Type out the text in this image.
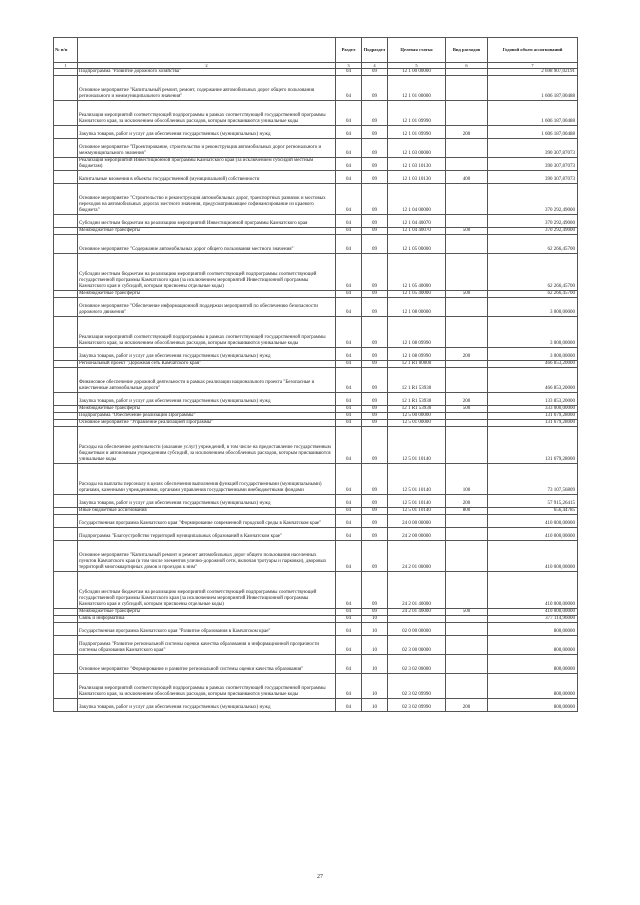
№ п/п		Раздел	Подраздел	Целевая статья	Вид расходов	Годовой объем ассигнований
1	2	3	4	5	6	7
	Подпрограмма "Развитие дорожного хозяйства"	04	09	12 1 00 00000		2 698 907,02191
	Основное мероприятие "Капитальный ремонт, ремонт, содержание автомобильных дорог общего пользования регионального и межмуниципального значения"	04	09	12 1 01 00000		1 606 187,00488
	Реализация мероприятий соответствующей подпрограммы в рамках соответствующей государственной программы Камчатского края, за исключением обособленных расходов, которым присваиваются уникальные коды	04	09	12 1 01 09990		1 606 187,00488
	Закупка товаров, работ и услуг для обеспечения государственных (муниципальных) нужд	04	09	12 1 01 09990	200	1 606 187,00488
	Основное мероприятие "Проектирование, строительство и реконструкция автомобильных дорог регионального и межмуниципального значения"	04	09	12 1 03 00000		390 307,87073
	Реализация мероприятий Инвестиционной программы Камчатского края (за исключением субсидий местным бюджетам)	04	09	12 1 03 10130		390 307,87073
	Капитальные вложения в объекты государственной (муниципальной) собственности	04	09	12 1 03 10130	400	390 307,87073
	Основное мероприятие "Строительство и реконструкция автомобильных дорог, транспортных развязок и мостовых переходов на автомобильных дорогах местного значения, предусматривающее софинансирование из краевого бюджета"	04	09	12 1 04 00000		370 292,49000
	Субсидии местным бюджетам на реализацию мероприятий Инвестиционной программы Камчатского края	04	09	12 1 04 40070		370 292,49000
	Межбюджетные трансферты	04	09	12 1 04 40070	500	370 292,49000
	Основное мероприятие "Содержание автомобильных дорог общего пользования местного значения"	04	09	12 1 05 00000		62 266,45700
	Субсидии местным бюджетам на реализацию мероприятий соответствующей подпрограммы соответствующей государственной программы Камчатского края (за исключением мероприятий Инвестиционной программы Камчатского края и субсидий, которым присвоены отдельные коды)	04	09	12 1 05 40000		62 266,45700
	Межбюджетные трансферты	04	09	12 1 05 40000	500	62 266,45700
	Основное мероприятие "Обеспечение информационной поддержки мероприятий по обеспечению безопасности дорожного движения"	04	09	12 1 08 00000		3 000,00000
	Реализация мероприятий соответствующей подпрограммы в рамках соответствующей государственной программы Камчатского края, за исключением обособленных расходов, которым присваиваются уникальные коды	04	09	12 1 08 09990		3 000,00000
	Закупка товаров, работ и услуг для обеспечения государственных (муниципальных) нужд	04	09	12 1 08 09990	200	3 000,00000
	Региональный проект "Дорожная сеть Камчатского края"	04	09	12 1 R1 00000		466 853,20000
	Финансовое обеспечение дорожной деятельности в рамках реализации национального проекта "Безопасные и качественные автомобильные дороги"	04	09	12 1 R1 53930		466 853,20000
	Закупка товаров, работ и услуг для обеспечения государственных (муниципальных) нужд	04	09	12 1 R1 53930	200	133 853,20000
	Межбюджетные трансферты	04	09	12 1 R1 53930	500	333 000,00000
	Подпрограмма "Обеспечение реализации Программы"	04	09	12 5 00 00000		131 679,28000
	Основное мероприятие "Управление реализацией Программы"	04	09	12 5 01 00000		131 679,28000
	Расходы на обеспечение деятельности (оказание услуг) учреждений, в том числе на предоставление государственным бюджетным и автономным учреждениям субсидий, за исключением обособленных расходов, которым присваиваются уникальные коды	04	09	12 5 01 10140		131 679,28000
	Расходы на выплаты персоналу в целях обеспечения выполнения функций государственными (муниципальными) органами, казенными учреждениями, органами управления государственными внебюджетными фондами	04	09	12 5 01 10140	100	73 107,56809
	Закупка товаров, работ и услуг для обеспечения государственных (муниципальных) нужд	04	09	12 5 01 10140	200	57 915,26415
	Иные бюджетные ассигнования	04	09	12 5 01 10140	800	656,44785
	Государственная программа Камчатского края "Формирование современной городской среды в Камчатском крае"	04	09	24 0 00 00000		410 000,00000
	Подпрограмма "Благоустройство территорий муниципальных образований в Камчатском крае"	04	09	24 2 00 00000		410 000,00000
	Основное мероприятие "Капитальный ремонт и ремонт автомобильных дорог общего пользования населенных пунктов Камчатского края (в том числе элементов улично-дорожной сети, включая тротуары и парковки), дворовых территорий многоквартирных домов и проездов к ним"	04	09	24 2 01 00000		410 000,00000
	Субсидии местным бюджетам на реализацию мероприятий соответствующей подпрограммы соответствующей государственной программы Камчатского края (за исключением мероприятий Инвестиционной программы Камчатского края и субсидий, которым присвоены отдельные коды)	04	09	24 2 01 40000		410 000,00000
	Межбюджетные трансферты	04	09	24 2 01 40000	500	410 000,00000
	Связь и информатика	04	10			377 114,96000
	Государственная программа Камчатского края "Развитие образования в Камчатском крае"	04	10	02 0 00 00000		800,00000
	Подпрограмма "Развитие региональной системы оценки качества образования и информационной прозрачности системы образования Камчатского края"	04	10	02 3 00 00000		800,00000
	Основное мероприятие "Формирование и развитие региональной системы оценки качества образования"	04	10	02 3 02 00000		800,00000
	Реализация мероприятий соответствующей подпрограммы в рамках соответствующей государственной программы Камчатского края, за исключением обособленных расходов, которым присваиваются уникальные коды	04	10	02 3 02 09990		800,00000
	Закупка товаров, работ и услуг для обеспечения государственных (муниципальных) нужд	04	10	02 3 02 09990	200	800,00000
27
